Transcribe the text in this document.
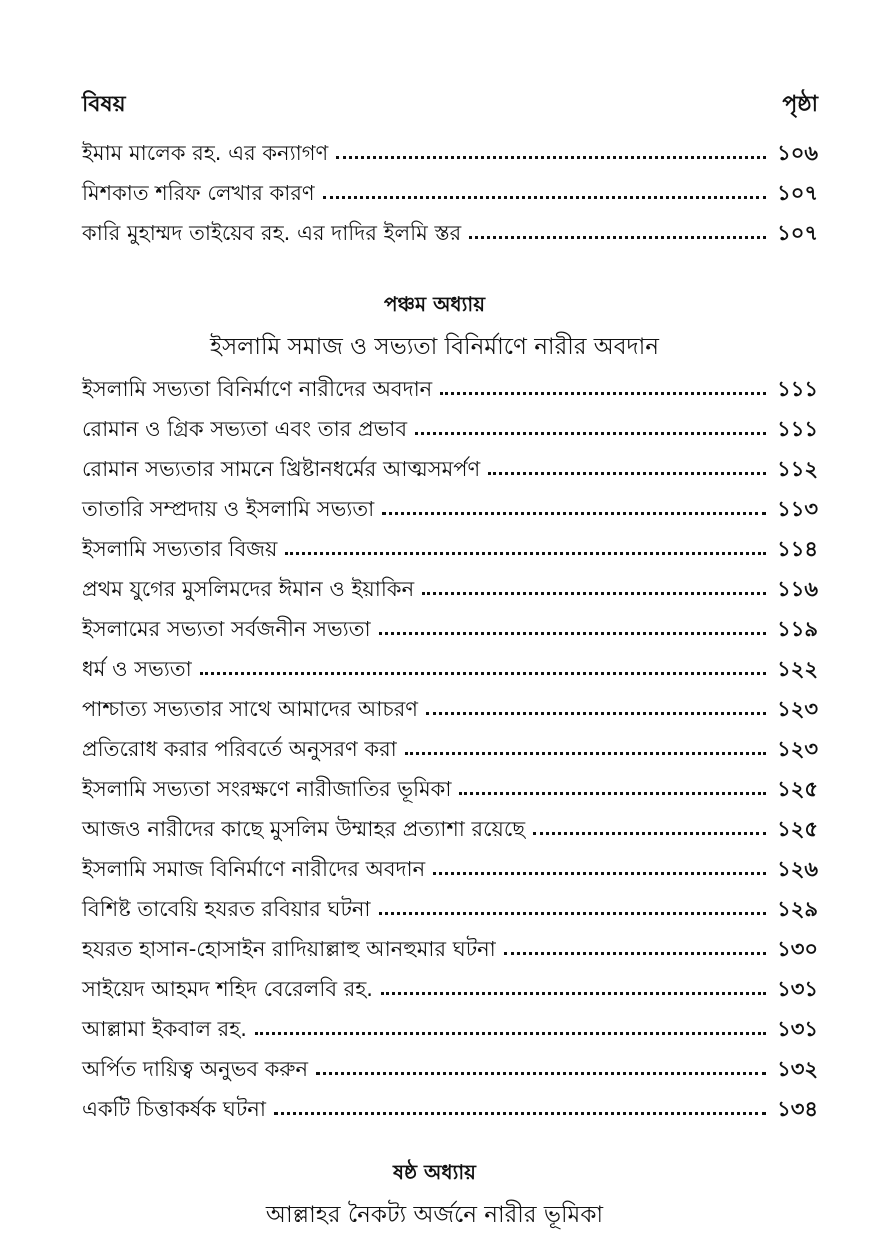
বিষয়	পৃষ্ঠা
ইমাম মালেক রহ. এর কন্যাগণ	১০৬
মিশকাত শরিফ লেখার কারণ	১০৭
কারি মুহাম্মদ তাইয়েব রহ. এর দাদির ইলমি স্তর	১০৭
পঞ্চম অধ্যায়
ইসলামি সমাজ ও সভ্যতা বিনির্মাণে নারীর অবদান
ইসলামি সভ্যতা বিনির্মাণে নারীদের অবদান	১১১
রোমান ও গ্রিক সভ্যতা এবং তার প্রভাব	১১১
রোমান সভ্যতার সামনে খ্রিষ্টানধর্মের আত্মসমর্পণ	১১২
তাতারি সম্প্রদায় ও ইসলামি সভ্যতা	১১৩
ইসলামি সভ্যতার বিজয়	১১৪
প্রথম যুগের মুসলিমদের ঈমান ও ইয়াকিন	১১৬
ইসলামের সভ্যতা সর্বজনীন সভ্যতা	১১৯
ধর্ম ও সভ্যতা	১২২
পাশ্চাত্য সভ্যতার সাথে আমাদের আচরণ	১২৩
প্রতিরোধ করার পরিবর্তে অনুসরণ করা	১২৩
ইসলামি সভ্যতা সংরক্ষণে নারীজাতির ভূমিকা	১২৫
আজও নারীদের কাছে মুসলিম উম্মাহর প্রত্যাশা রয়েছে	১২৫
ইসলামি সমাজ বিনির্মাণে নারীদের অবদান	১২৬
বিশিষ্ট তাবেয়ি হযরত রবিয়ার ঘটনা	১২৯
হযরত হাসান-হোসাইন রাদিয়াল্লাহু আনহুমার ঘটনা	১৩০
সাইয়েদ আহমদ শহিদ বেরেলবি রহ.	১৩১
আল্লামা ইকবাল রহ.	১৩১
অর্পিত দায়িত্ব অনুভব করুন	১৩২
একটি চিত্তাকর্ষক ঘটনা	১৩৪
ষষ্ঠ অধ্যায়
আল্লাহর নৈকট্য অর্জনে নারীর ভূমিকা
